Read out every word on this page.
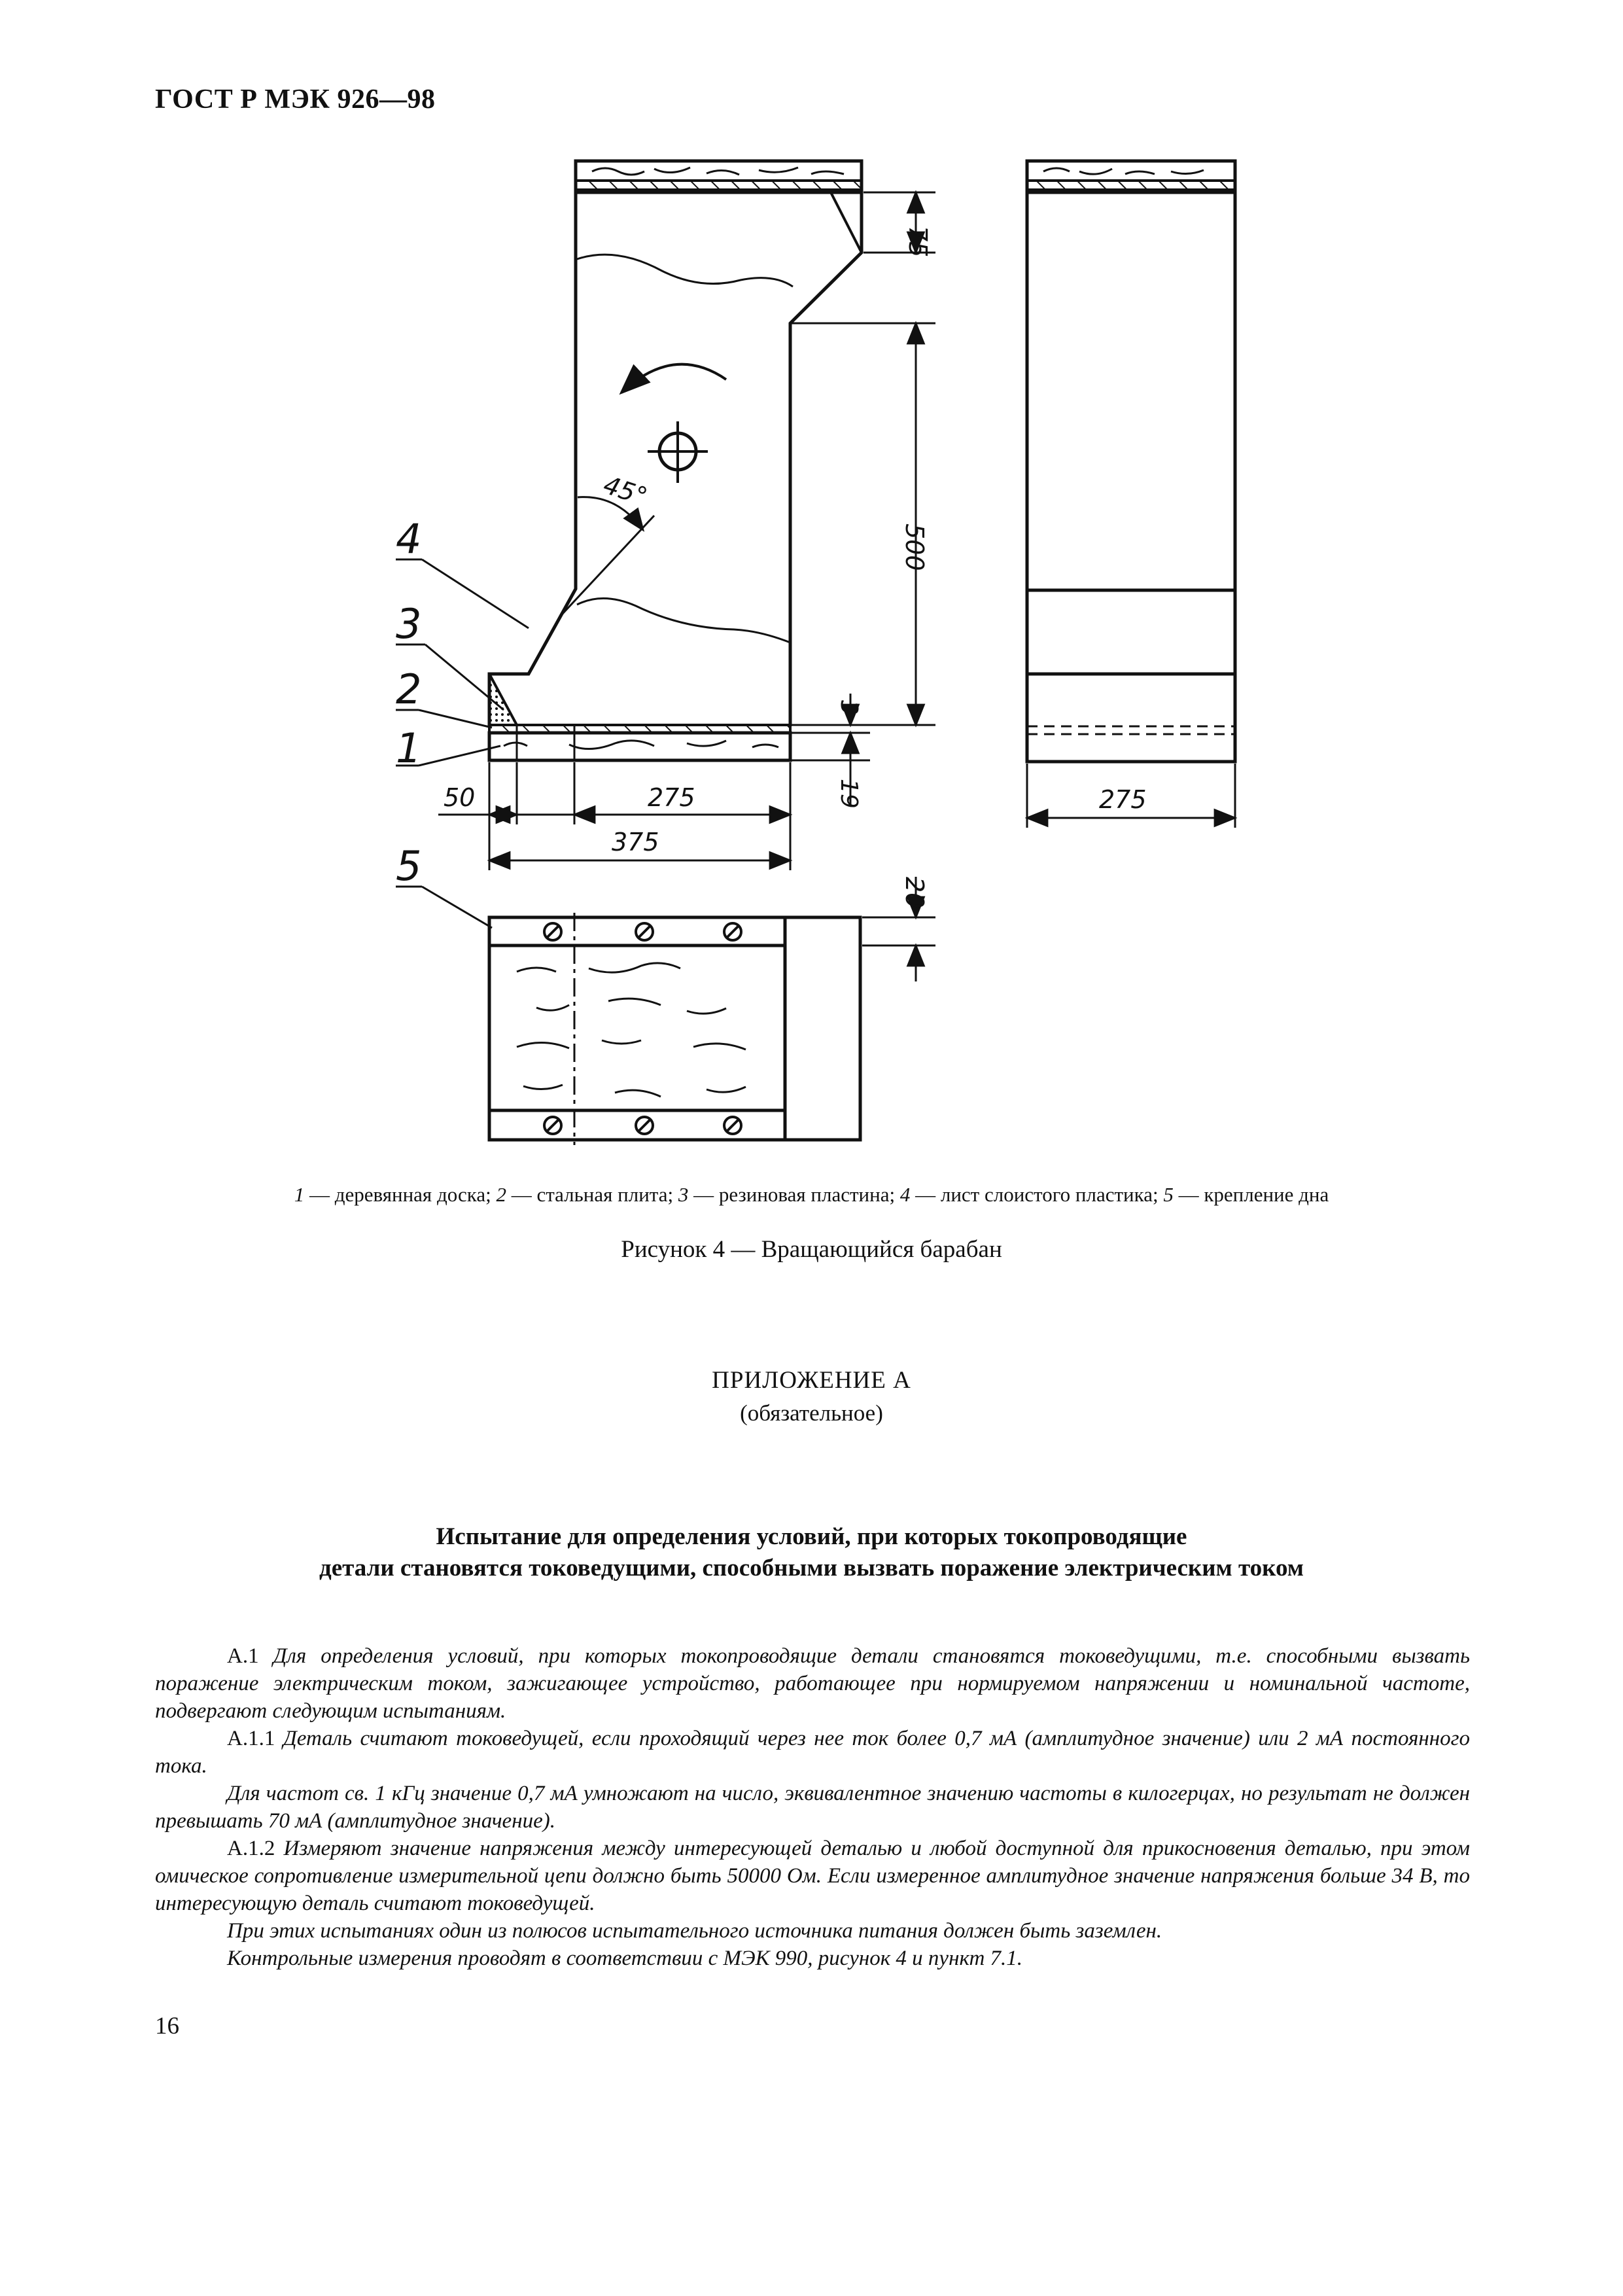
ГОСТ Р МЭК 926—98
75
500
3
19
50	275
375
45°
4
3
2
1
5
275
20
1 — деревянная доска; 2 — стальная плита; 3 — резиновая пластина; 4 — лист слоистого пластика; 5 — крепление дна
Рисунок 4 — Вращающийся барабан
ПРИЛОЖЕНИЕ А
(обязательное)
Испытание для определения условий, при которых токопроводящие
детали становятся токоведущими, способными вызвать поражение электрическим током

А.1 Для определения условий, при которых токопроводящие детали становятся токоведущими, т.е. способными вызвать поражение электрическим током, зажигающее устройство, работающее при нормируемом напряжении и номинальной частоте, подвергают следующим испытаниям.

А.1.1 Деталь считают токоведущей, если проходящий через нее ток более 0,7 мА (амплитудное значение) или 2 мА постоянного тока.

Для частот св. 1 кГц значение 0,7 мА умножают на число, эквивалентное значению частоты в килогерцах, но результат не должен превышать 70 мА (амплитудное значение).

А.1.2 Измеряют значение напряжения между интересующей деталью и любой доступной для прикосновения деталью, при этом омическое сопротивление измерительной цепи должно быть 50000 Ом. Если измеренное амплитудное значение напряжения больше 34 В, то интересующую деталь считают токоведущей.

При этих испытаниях один из полюсов испытательного источника питания должен быть заземлен.

Контрольные измерения проводят в соответствии с МЭК 990, рисунок 4 и пункт 7.1.

16
